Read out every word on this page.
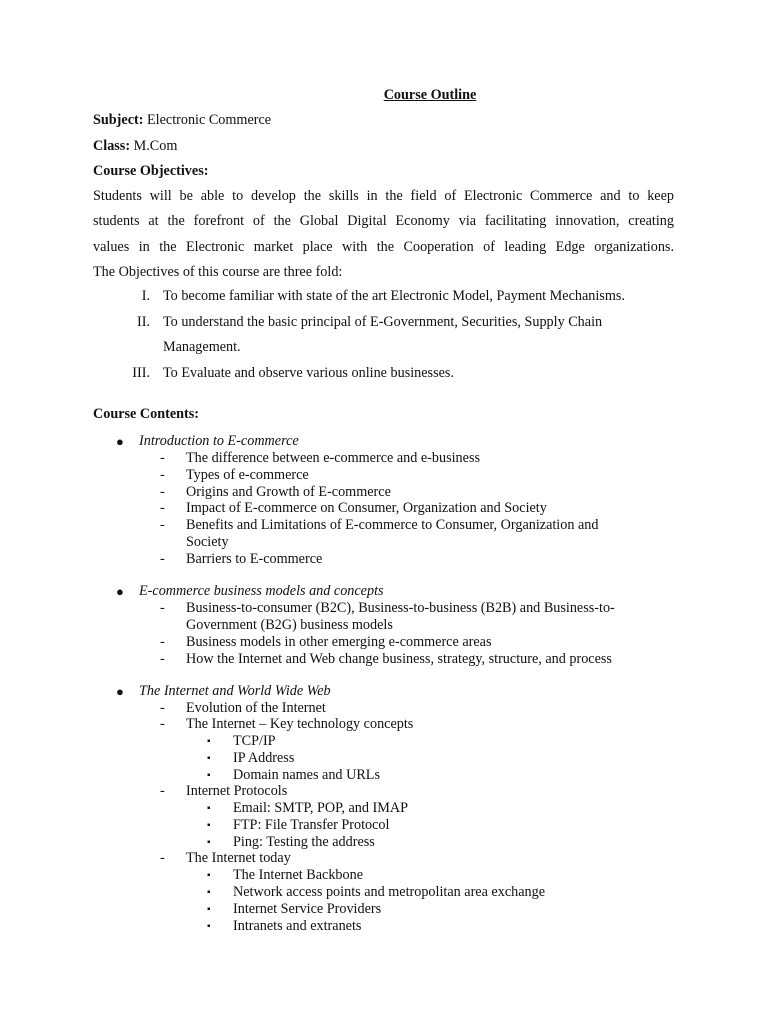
Course Outline
Subject: Electronic Commerce
Class: M.Com
Course Objectives:
Students will be able to develop the skills in the field of Electronic Commerce and to keep
students at the forefront of the Global Digital Economy via facilitating innovation, creating
values in the Electronic market place with the Cooperation of leading Edge organizations.
The Objectives of this course are three fold:
I. To become familiar with state of the art Electronic Model, Payment Mechanisms.
II. To understand the basic principal of E-Government, Securities, Supply Chain
Management.
III. To Evaluate and observe various online businesses.
Course Contents:
● Introduction to E-commerce
- The difference between e-commerce and e-business
- Types of e-commerce
- Origins and Growth of E-commerce
- Impact of E-commerce on Consumer, Organization and Society
- Benefits and Limitations of E-commerce to Consumer, Organization and
Society
- Barriers to E-commerce
● E-commerce business models and concepts
- Business-to-consumer (B2C), Business-to-business (B2B) and Business-to-
Government (B2G) business models
- Business models in other emerging e-commerce areas
- How the Internet and Web change business, strategy, structure, and process
● The Internet and World Wide Web
- Evolution of the Internet
- The Internet – Key technology concepts
▪ TCP/IP
▪ IP Address
▪ Domain names and URLs
- Internet Protocols
▪ Email: SMTP, POP, and IMAP
▪ FTP: File Transfer Protocol
▪ Ping: Testing the address
- The Internet today
▪ The Internet Backbone
▪ Network access points and metropolitan area exchange
▪ Internet Service Providers
▪ Intranets and extranets
